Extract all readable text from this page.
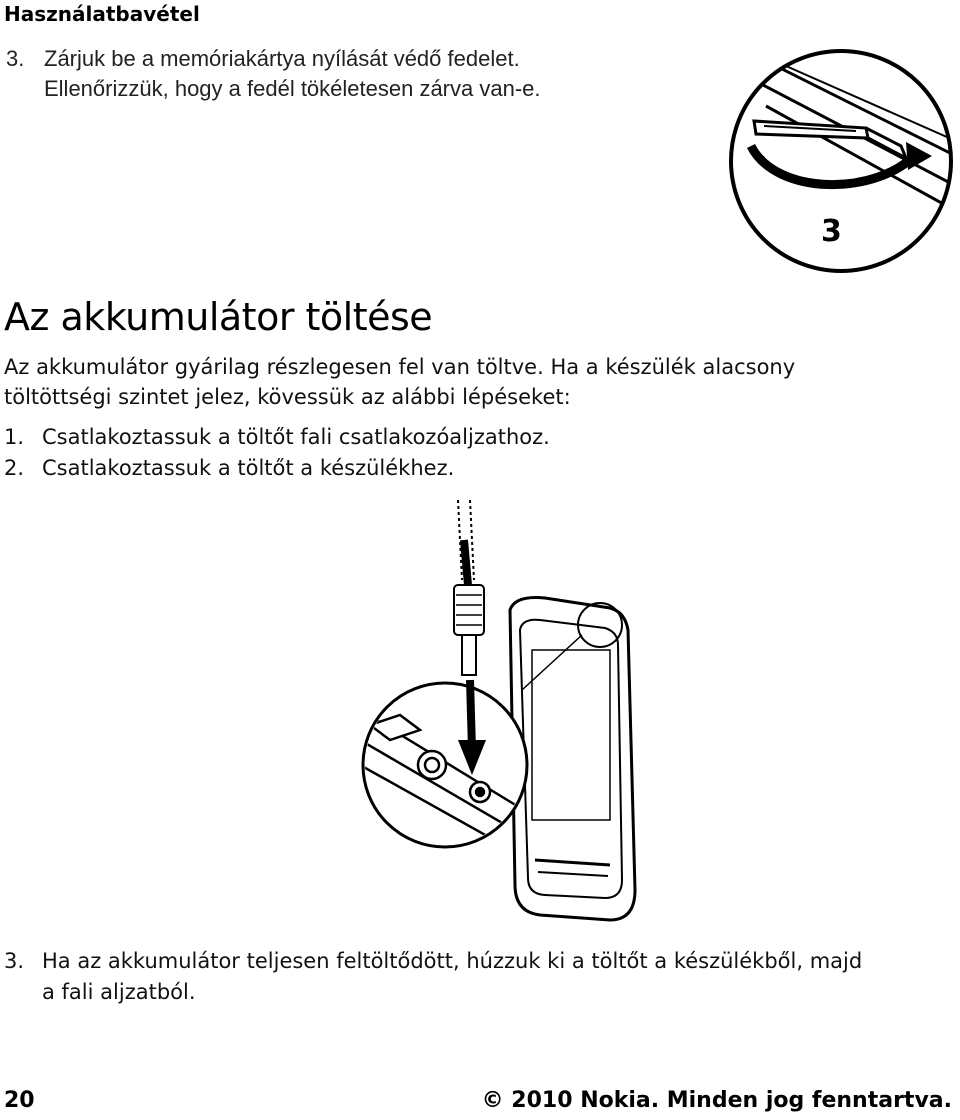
Használatbavétel
3. Zárjuk be a memóriakártya nyílását védő fedelet.
Ellenőrizzük, hogy a fedél tökéletesen zárva van-e.
3
Az akkumulátor töltése
Az akkumulátor gyárilag részlegesen fel van töltve. Ha a készülék alacsony
töltöttségi szintet jelez, kövessük az alábbi lépéseket:
1. Csatlakoztassuk a töltőt fali csatlakozóaljzathoz.
2. Csatlakoztassuk a töltőt a készülékhez.
3. Ha az akkumulátor teljesen feltöltődött, húzzuk ki a töltőt a készülékből, majd
a fali aljzatból.
20	© 2010 Nokia. Minden jog fenntartva.
